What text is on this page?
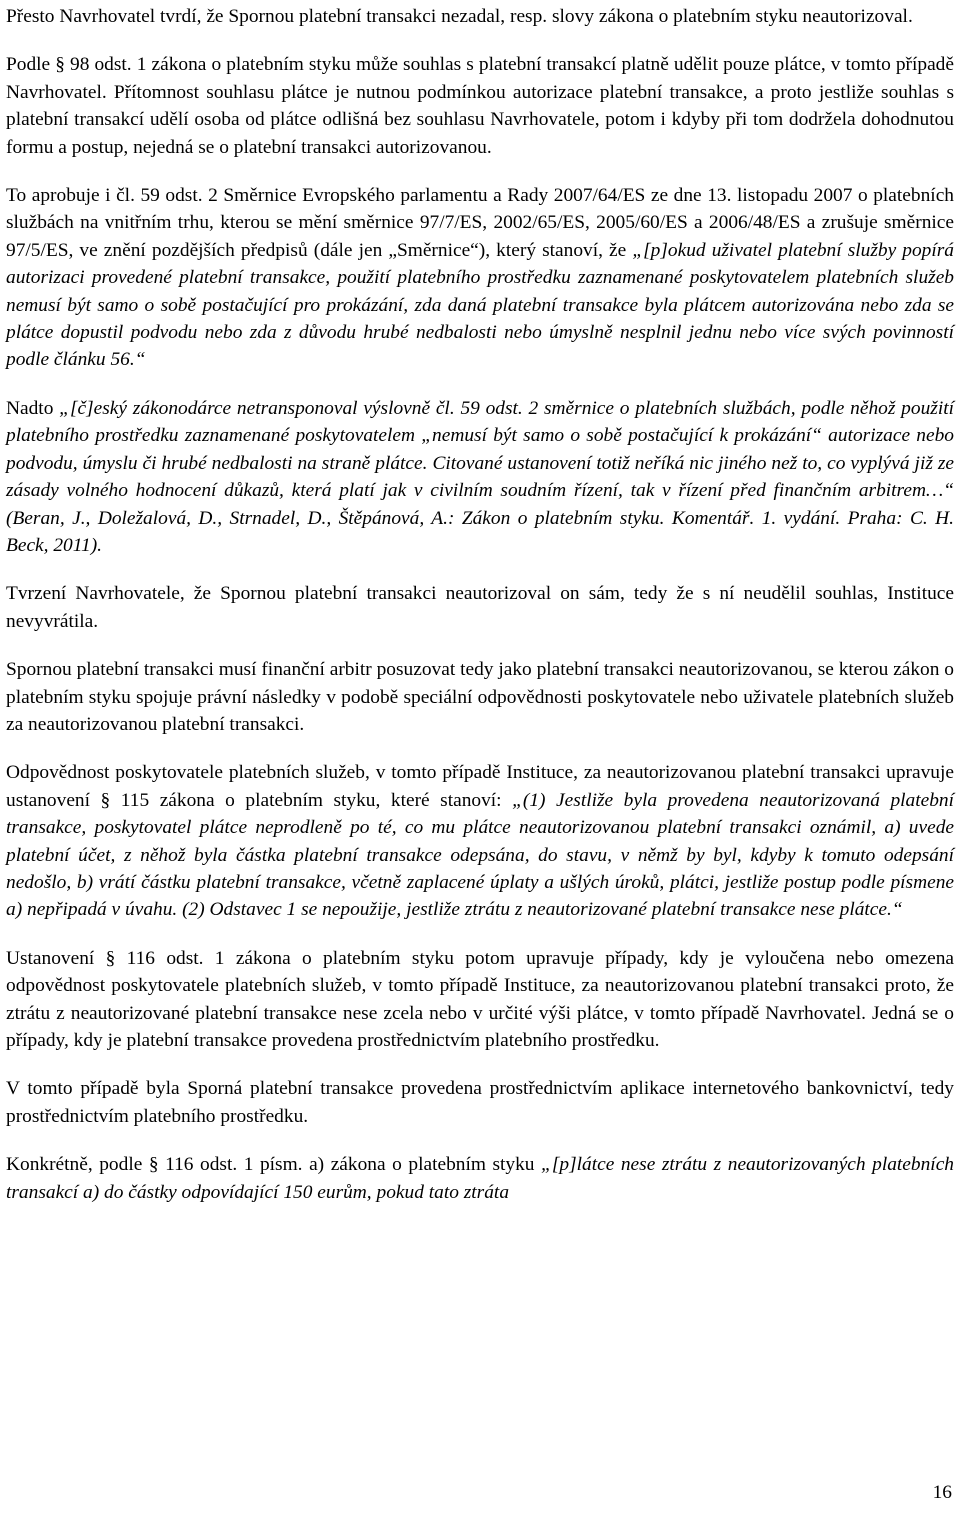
Přesto Navrhovatel tvrdí, že Spornou platební transakci nezadal, resp. slovy zákona o platebním styku neautorizoval.

Podle § 98 odst. 1 zákona o platebním styku může souhlas s platební transakcí platně udělit pouze plátce, v tomto případě Navrhovatel. Přítomnost souhlasu plátce je nutnou podmínkou autorizace platební transakce, a proto jestliže souhlas s platební transakcí udělí osoba od plátce odlišná bez souhlasu Navrhovatele, potom i kdyby při tom dodržela dohodnutou formu a postup, nejedná se o platební transakci autorizovanou.

To aprobuje i čl. 59 odst. 2 Směrnice Evropského parlamentu a Rady 2007/64/ES ze dne 13. listopadu 2007 o platebních službách na vnitřním trhu, kterou se mění směrnice 97/7/ES, 2002/65/ES, 2005/60/ES a 2006/48/ES a zrušuje směrnice 97/5/ES, ve znění pozdějších předpisů (dále jen „Směrnice“), který stanoví, že „[p]okud uživatel platební služby popírá autorizaci provedené platební transakce, použití platebního prostředku zaznamenané poskytovatelem platebních služeb nemusí být samo o sobě postačující pro prokázání, zda daná platební transakce byla plátcem autorizována nebo zda se plátce dopustil podvodu nebo zda z důvodu hrubé nedbalosti nebo úmyslně nesplnil jednu nebo více svých povinností podle článku 56.“

Nadto „[č]eský zákonodárce netransponoval výslovně čl. 59 odst. 2 směrnice o platebních službách, podle něhož použití platebního prostředku zaznamenané poskytovatelem „nemusí být samo o sobě postačující k prokázání“ autorizace nebo podvodu, úmyslu či hrubé nedbalosti na straně plátce. Citované ustanovení totiž neříká nic jiného než to, co vyplývá již ze zásady volného hodnocení důkazů, která platí jak v civilním soudním řízení, tak v řízení před finančním arbitrem…“ (Beran, J., Doležalová, D., Strnadel, D., Štěpánová, A.: Zákon o platebním styku. Komentář. 1. vydání. Praha: C. H. Beck, 2011).

Tvrzení Navrhovatele, že Spornou platební transakci neautorizoval on sám, tedy že s ní neudělil souhlas, Instituce nevyvrátila.

Spornou platební transakci musí finanční arbitr posuzovat tedy jako platební transakci neautorizovanou, se kterou zákon o platebním styku spojuje právní následky v podobě speciální odpovědnosti poskytovatele nebo uživatele platebních služeb za neautorizovanou platební transakci.

Odpovědnost poskytovatele platebních služeb, v tomto případě Instituce, za neautorizovanou platební transakci upravuje ustanovení § 115 zákona o platebním styku, které stanoví: „(1) Jestliže byla provedena neautorizovaná platební transakce, poskytovatel plátce neprodleně po té, co mu plátce neautorizovanou platební transakci oznámil, a) uvede platební účet, z něhož byla částka platební transakce odepsána, do stavu, v němž by byl, kdyby k tomuto odepsání nedošlo, b) vrátí částku platební transakce, včetně zaplacené úplaty a ušlých úroků, plátci, jestliže postup podle písmene a) nepřipadá v úvahu. (2) Odstavec 1 se nepoužije, jestliže ztrátu z neautorizované platební transakce nese plátce.“

Ustanovení § 116 odst. 1 zákona o platebním styku potom upravuje případy, kdy je vyloučena nebo omezena odpovědnost poskytovatele platebních služeb, v tomto případě Instituce, za neautorizovanou platební transakci proto, že ztrátu z neautorizované platební transakce nese zcela nebo v určité výši plátce, v tomto případě Navrhovatel. Jedná se o případy, kdy je platební transakce provedena prostřednictvím platebního prostředku.

V tomto případě byla Sporná platební transakce provedena prostřednictvím aplikace internetového bankovnictví, tedy prostřednictvím platebního prostředku.

Konkrétně, podle § 116 odst. 1 písm. a) zákona o platebním styku „[p]látce nese ztrátu z neautorizovaných platebních transakcí a) do částky odpovídající 150 eurům, pokud tato ztráta

16
